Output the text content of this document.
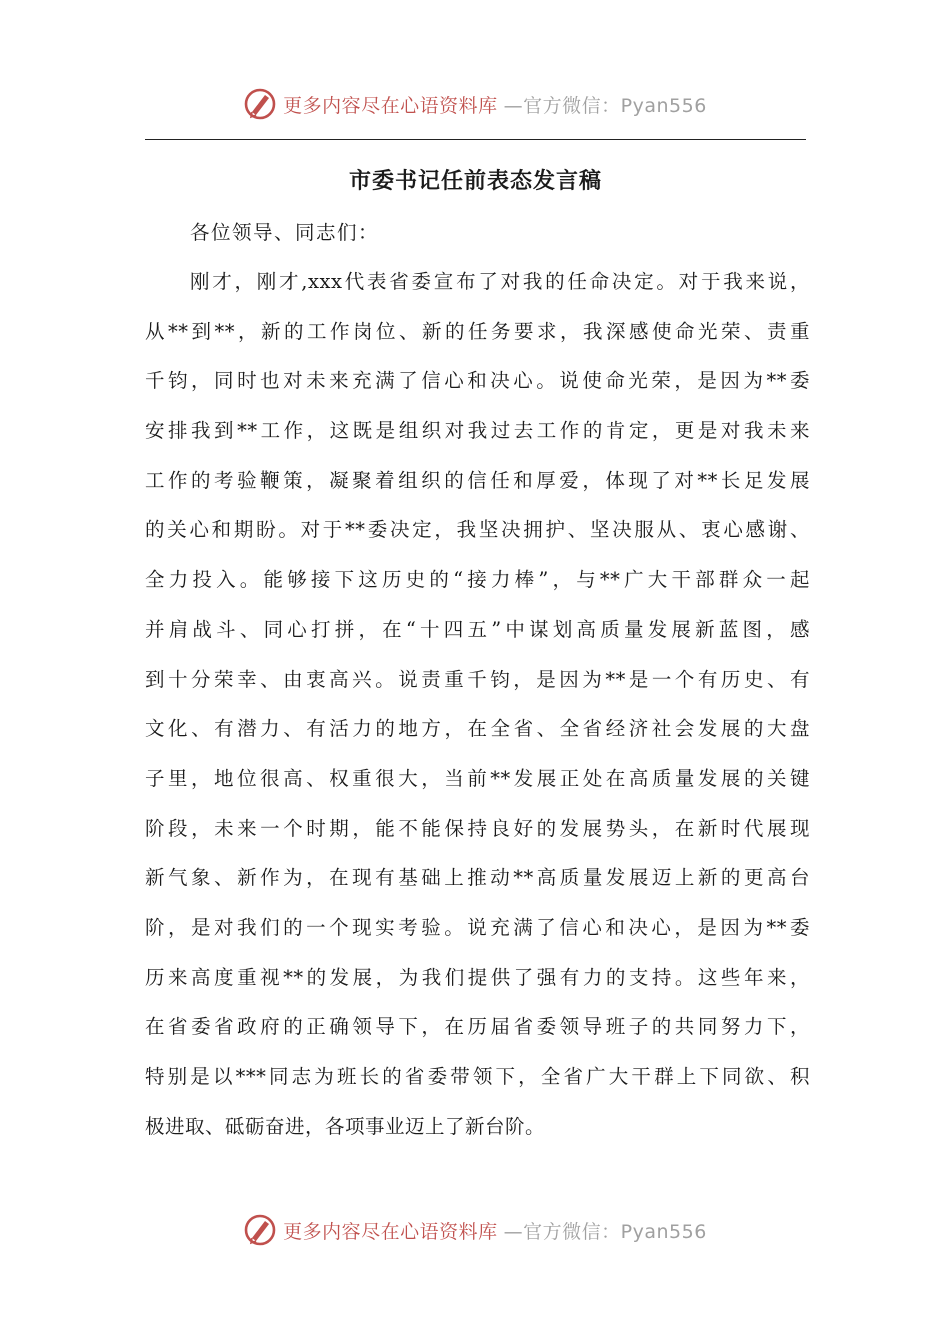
更多内容尽在心语资料库 —官方微信：Pyan556
市委书记任前表态发言稿
各位领导、同志们：
刚才，刚才,xxx代表省委宣布了对我的任命决定。对于我来说，
从**到**，新的工作岗位、新的任务要求，我深感使命光荣、责重
千钧，同时也对未来充满了信心和决心。说使命光荣，是因为**委
安排我到**工作，这既是组织对我过去工作的肯定，更是对我未来
工作的考验鞭策，凝聚着组织的信任和厚爱，体现了对**长足发展
的关心和期盼。对于**委决定，我坚决拥护、坚决服从、衷心感谢、
全力投入。能够接下这历史的“接力棒”，与**广大干部群众一起
并肩战斗、同心打拼，在“十四五”中谋划高质量发展新蓝图，感
到十分荣幸、由衷高兴。说责重千钧，是因为**是一个有历史、有
文化、有潜力、有活力的地方，在全省、全省经济社会发展的大盘
子里，地位很高、权重很大，当前**发展正处在高质量发展的关键
阶段，未来一个时期，能不能保持良好的发展势头，在新时代展现
新气象、新作为，在现有基础上推动**高质量发展迈上新的更高台
阶，是对我们的一个现实考验。说充满了信心和决心，是因为**委
历来高度重视**的发展，为我们提供了强有力的支持。这些年来，
在省委省政府的正确领导下，在历届省委领导班子的共同努力下，
特别是以***同志为班长的省委带领下，全省广大干群上下同欲、积
极进取、砥砺奋进，各项事业迈上了新台阶。
更多内容尽在心语资料库 —官方微信：Pyan556
